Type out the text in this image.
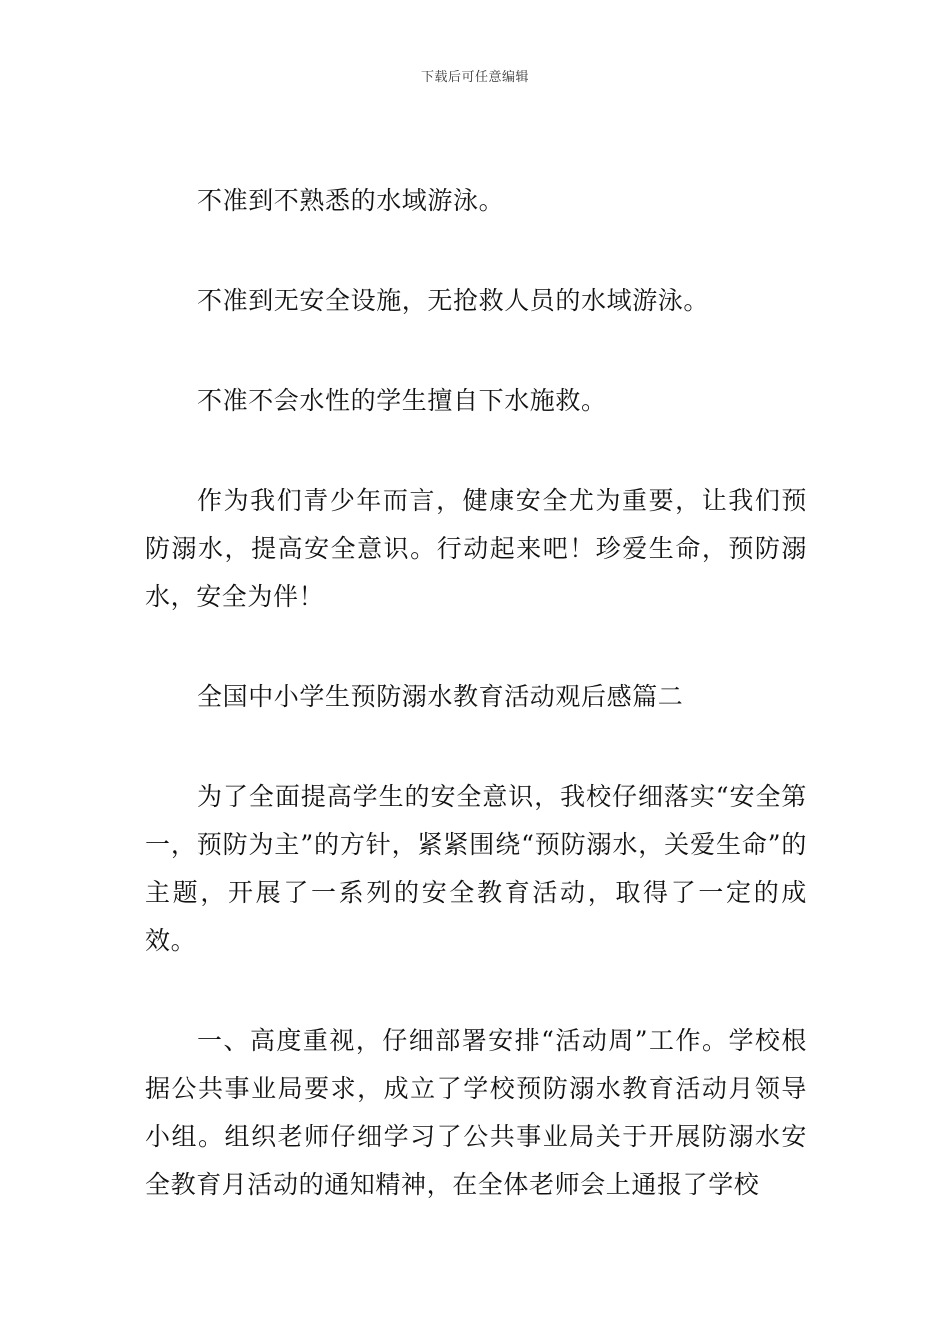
下载后可任意编辑

不准到不熟悉的水域游泳。

不准到无安全设施，无抢救人员的水域游泳。

不准不会水性的学生擅自下水施救。

作为我们青少年而言，健康安全尤为重要，让我们预防溺水，提高安全意识。行动起来吧！珍爱生命，预防溺水，安全为伴！

全国中小学生预防溺水教育活动观后感篇二

为了全面提高学生的安全意识，我校仔细落实“安全第一，预防为主”的方针，紧紧围绕“预防溺水，关爱生命”的主题，开展了一系列的安全教育活动，取得了一定的成效。

一、高度重视，仔细部署安排“活动周”工作。学校根据公共事业局要求，成立了学校预防溺水教育活动月领导小组。组织老师仔细学习了公共事业局关于开展防溺水安全教育月活动的通知精神，在全体老师会上通报了学校
